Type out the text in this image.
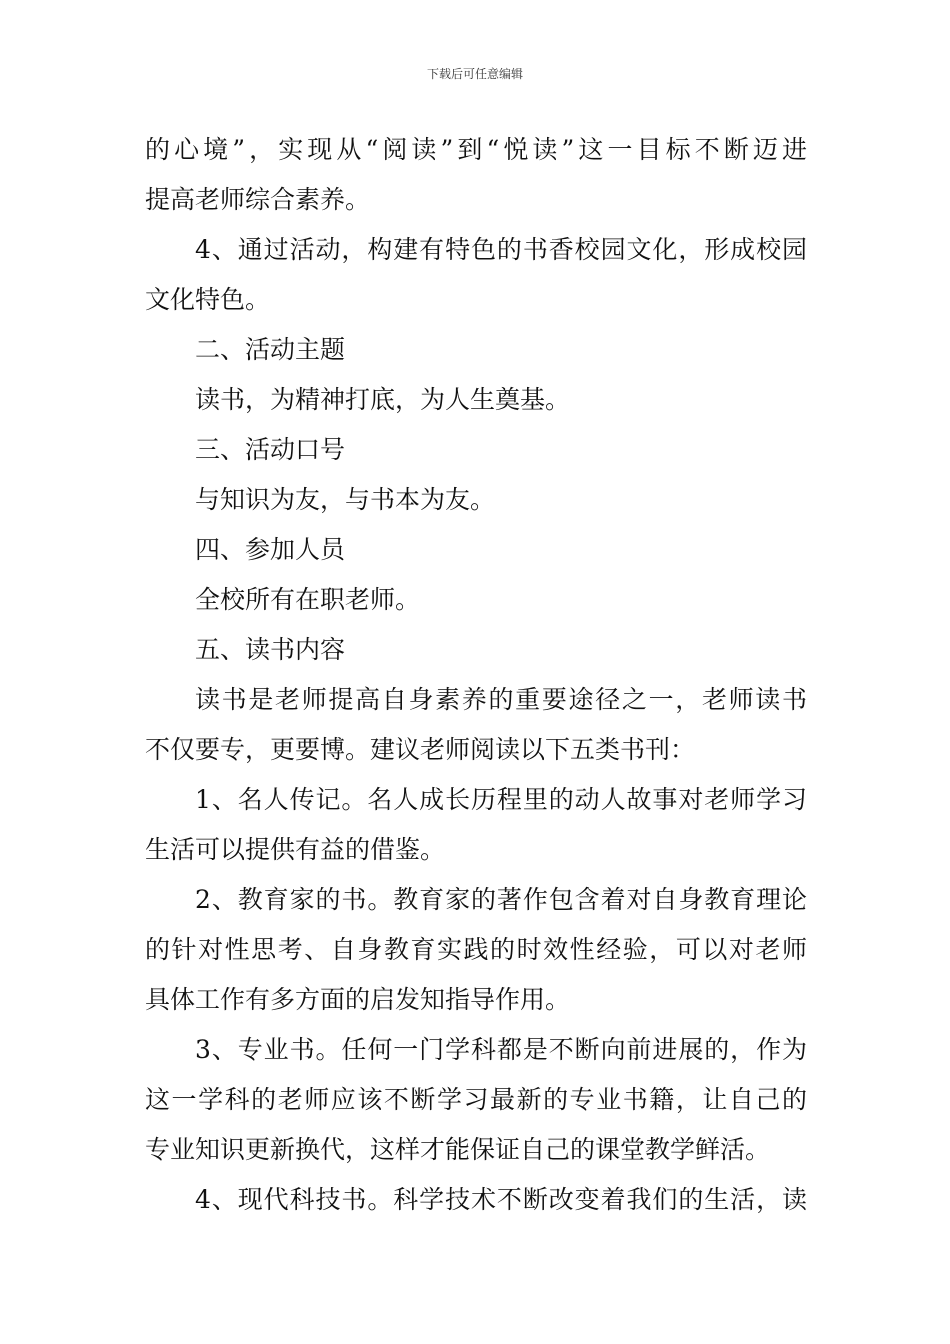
下载后可任意编辑
的心境”，实现从“阅读”到“悦读”这一目标不断迈进
提高老师综合素养。
4、通过活动，构建有特色的书香校园文化，形成校园
文化特色。
二、活动主题
读书，为精神打底，为人生奠基。
三、活动口号
与知识为友，与书本为友。
四、参加人员
全校所有在职老师。
五、读书内容
读书是老师提高自身素养的重要途径之一，老师读书
不仅要专，更要博。建议老师阅读以下五类书刊：
1、名人传记。名人成长历程里的动人故事对老师学习
生活可以提供有益的借鉴。
2、教育家的书。教育家的著作包含着对自身教育理论
的针对性思考、自身教育实践的时效性经验，可以对老师
具体工作有多方面的启发知指导作用。
3、专业书。任何一门学科都是不断向前进展的，作为
这一学科的老师应该不断学习最新的专业书籍，让自己的
专业知识更新换代，这样才能保证自己的课堂教学鲜活。
4、现代科技书。科学技术不断改变着我们的生活，读
